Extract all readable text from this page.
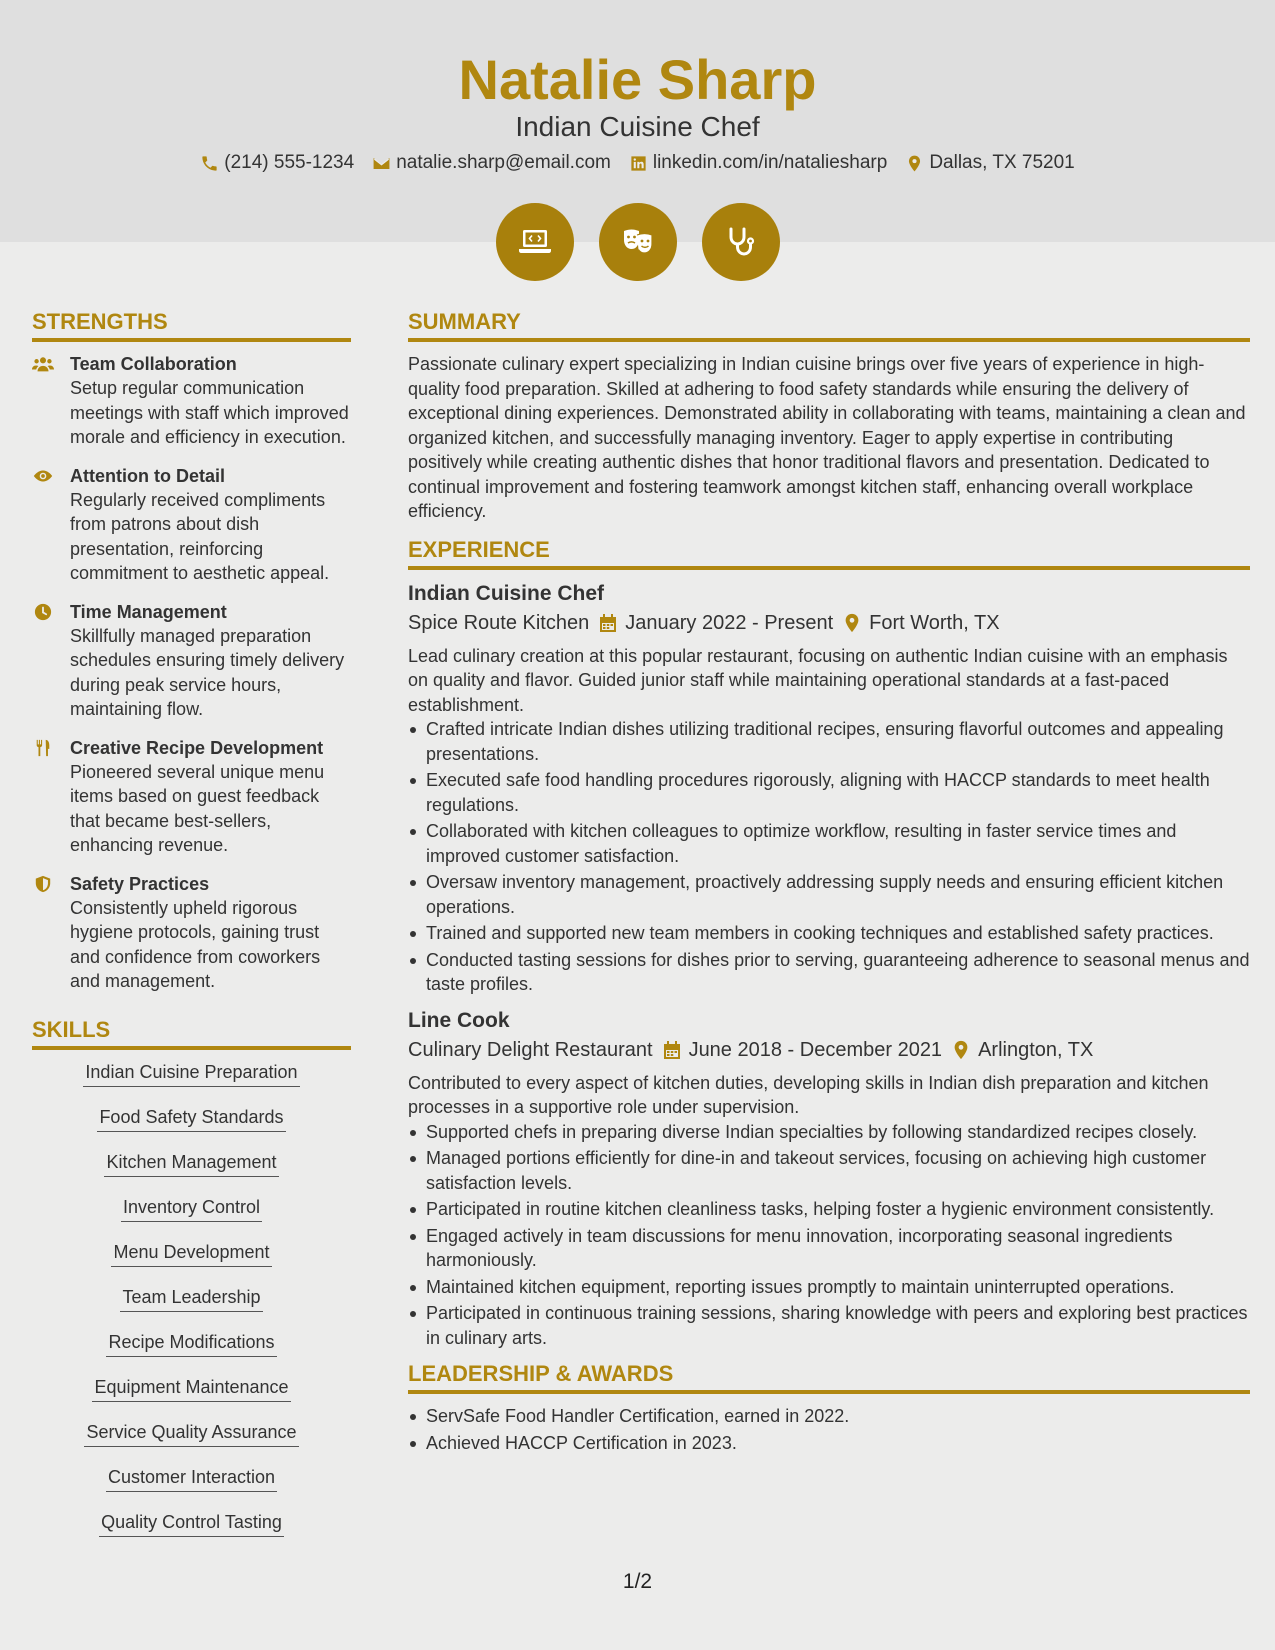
Natalie Sharp
Indian Cuisine Chef
(214) 555-1234 natalie.sharp@email.com linkedin.com/in/nataliesharp Dallas, TX 75201
STRENGTHS
Team Collaboration
Setup regular communication meetings with staff which improved morale and efficiency in execution.
Attention to Detail
Regularly received compliments from patrons about dish presentation, reinforcing commitment to aesthetic appeal.
Time Management
Skillfully managed preparation schedules ensuring timely delivery during peak service hours, maintaining flow.
Creative Recipe Development
Pioneered several unique menu items based on guest feedback that became best-sellers, enhancing revenue.
Safety Practices
Consistently upheld rigorous hygiene protocols, gaining trust and confidence from coworkers and management.
SKILLS
Indian Cuisine Preparation
Food Safety Standards
Kitchen Management
Inventory Control
Menu Development
Team Leadership
Recipe Modifications
Equipment Maintenance
Service Quality Assurance
Customer Interaction
Quality Control Tasting
SUMMARY
Passionate culinary expert specializing in Indian cuisine brings over five years of experience in high-quality food preparation. Skilled at adhering to food safety standards while ensuring the delivery of exceptional dining experiences. Demonstrated ability in collaborating with teams, maintaining a clean and organized kitchen, and successfully managing inventory. Eager to apply expertise in contributing positively while creating authentic dishes that honor traditional flavors and presentation. Dedicated to continual improvement and fostering teamwork amongst kitchen staff, enhancing overall workplace efficiency.
EXPERIENCE
Indian Cuisine Chef
Spice Route Kitchen January 2022 - Present Fort Worth, TX
Lead culinary creation at this popular restaurant, focusing on authentic Indian cuisine with an emphasis on quality and flavor. Guided junior staff while maintaining operational standards at a fast-paced establishment.
Crafted intricate Indian dishes utilizing traditional recipes, ensuring flavorful outcomes and appealing presentations.
Executed safe food handling procedures rigorously, aligning with HACCP standards to meet health regulations.
Collaborated with kitchen colleagues to optimize workflow, resulting in faster service times and improved customer satisfaction.
Oversaw inventory management, proactively addressing supply needs and ensuring efficient kitchen operations.
Trained and supported new team members in cooking techniques and established safety practices.
Conducted tasting sessions for dishes prior to serving, guaranteeing adherence to seasonal menus and taste profiles.
Line Cook
Culinary Delight Restaurant June 2018 - December 2021 Arlington, TX
Contributed to every aspect of kitchen duties, developing skills in Indian dish preparation and kitchen processes in a supportive role under supervision.
Supported chefs in preparing diverse Indian specialties by following standardized recipes closely.
Managed portions efficiently for dine-in and takeout services, focusing on achieving high customer satisfaction levels.
Participated in routine kitchen cleanliness tasks, helping foster a hygienic environment consistently.
Engaged actively in team discussions for menu innovation, incorporating seasonal ingredients harmoniously.
Maintained kitchen equipment, reporting issues promptly to maintain uninterrupted operations.
Participated in continuous training sessions, sharing knowledge with peers and exploring best practices in culinary arts.
LEADERSHIP & AWARDS
ServSafe Food Handler Certification, earned in 2022.
Achieved HACCP Certification in 2023.
1/2
